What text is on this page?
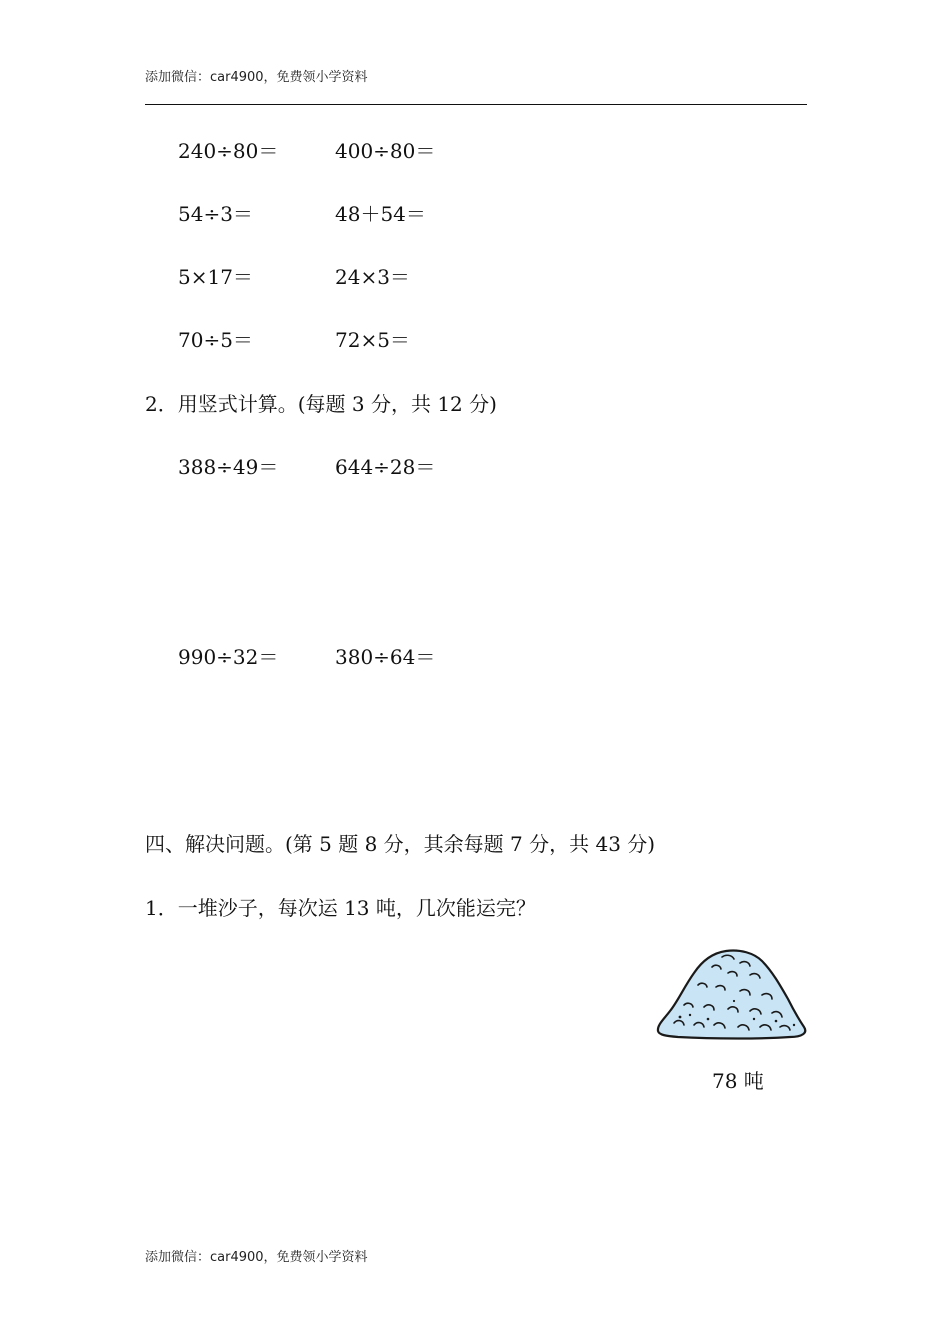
添加微信：car4900，免费领小学资料
240÷80＝	400÷80＝
54÷3＝	48＋54＝
5×17＝	24×3＝
70÷5＝	72×5＝
2．用竖式计算。(每题 3 分，共 12 分)
388÷49＝	644÷28＝
990÷32＝	380÷64＝
四、解决问题。(第 5 题 8 分，其余每题 7 分，共 43 分)
1．一堆沙子，每次运 13 吨，几次能运完？
78 吨
添加微信：car4900，免费领小学资料
